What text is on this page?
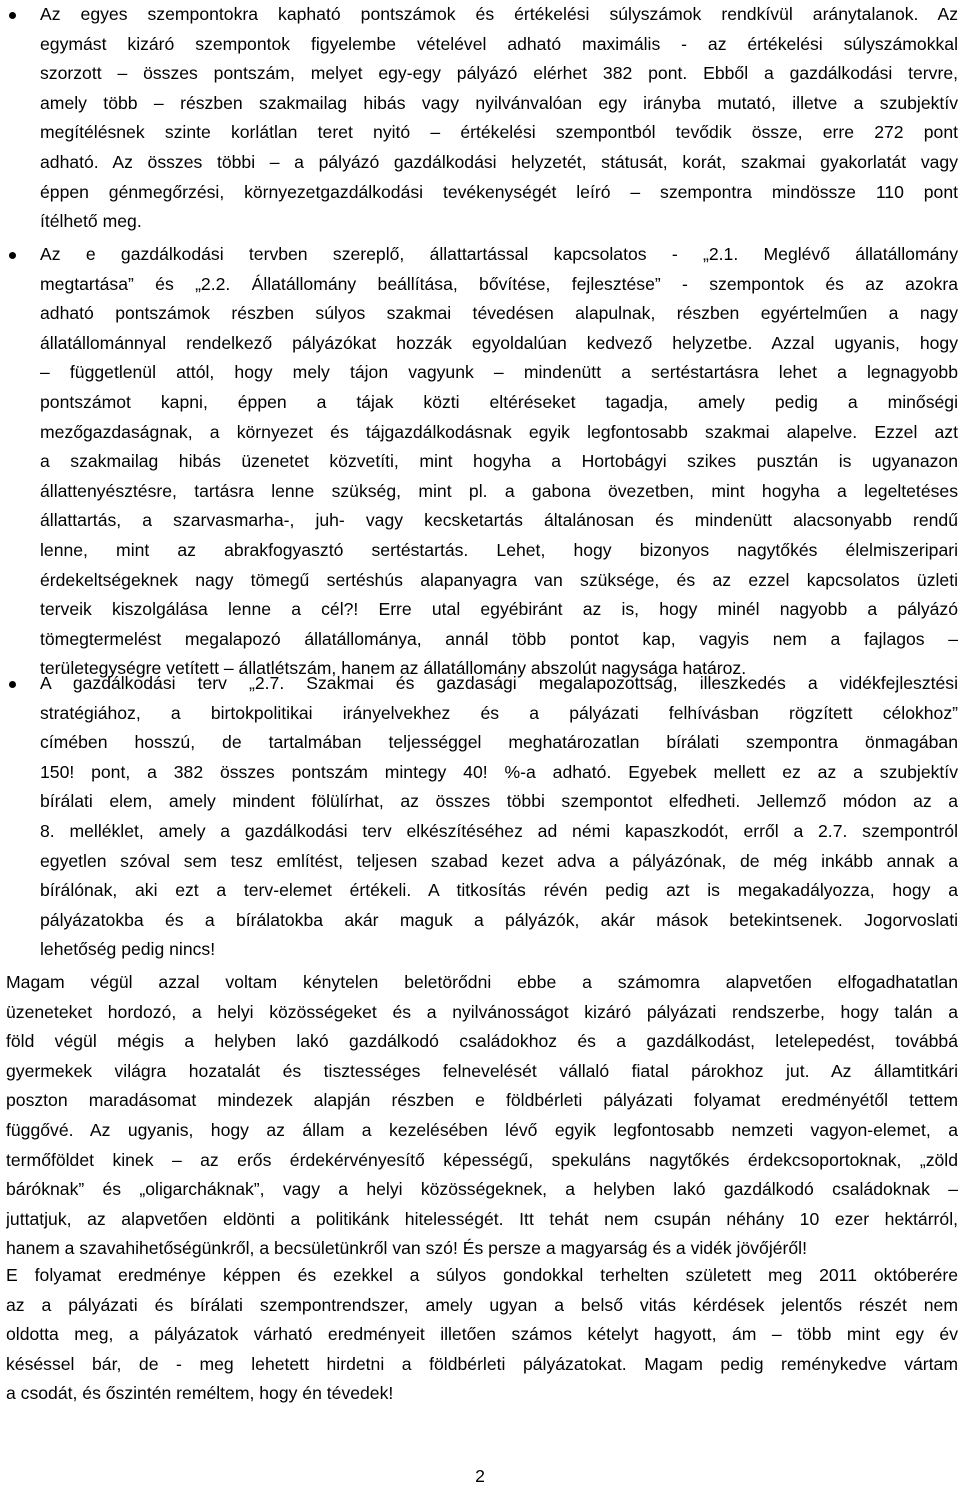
Az egyes szempontokra kapható pontszámok és értékelési súlyszámok rendkívül aránytalanok. Az
egymást kizáró szempontok figyelembe vételével adható maximális - az értékelési súlyszámokkal
szorzott – összes pontszám, melyet egy-egy pályázó elérhet 382 pont. Ebből a gazdálkodási tervre,
amely több – részben szakmailag hibás vagy nyilvánvalóan egy irányba mutató, illetve a szubjektív
megítélésnek szinte korlátlan teret nyitó – értékelési szempontból tevődik össze, erre 272 pont
adható. Az összes többi – a pályázó gazdálkodási helyzetét, státusát, korát, szakmai gyakorlatát vagy
éppen génmegőrzési, környezetgazdálkodási tevékenységét leíró – szempontra mindössze 110 pont
ítélhető meg.
Az e gazdálkodási tervben szereplő, állattartással kapcsolatos - „2.1. Meglévő állatállomány
megtartása” és „2.2. Állatállomány beállítása, bővítése, fejlesztése” - szempontok és az azokra
adható pontszámok részben súlyos szakmai tévedésen alapulnak, részben egyértelműen a nagy
állatállománnyal rendelkező pályázókat hozzák egyoldalúan kedvező helyzetbe. Azzal ugyanis, hogy
– függetlenül attól, hogy mely tájon vagyunk – mindenütt a sertéstartásra lehet a legnagyobb
pontszámot kapni, éppen a tájak közti eltéréseket tagadja, amely pedig a minőségi
mezőgazdaságnak, a környezet és tájgazdálkodásnak egyik legfontosabb szakmai alapelve. Ezzel azt
a szakmailag hibás üzenetet közvetíti, mint hogyha a Hortobágyi szikes pusztán is ugyanazon
állattenyésztésre, tartásra lenne szükség, mint pl. a gabona övezetben, mint hogyha a legeltetéses
állattartás, a szarvasmarha-, juh- vagy kecsketartás általánosan és mindenütt alacsonyabb rendű
lenne, mint az abrakfogyasztó sertéstartás. Lehet, hogy bizonyos nagytőkés élelmiszeripari
érdekeltségeknek nagy tömegű sertéshús alapanyagra van szüksége, és az ezzel kapcsolatos üzleti
terveik kiszolgálása lenne a cél?! Erre utal egyébiránt az is, hogy minél nagyobb a pályázó
tömegtermelést megalapozó állatállománya, annál több pontot kap, vagyis nem a fajlagos –
területegységre vetített – állatlétszám, hanem az állatállomány abszolút nagysága határoz.
A gazdálkodási terv „2.7. Szakmai és gazdasági megalapozottság, illeszkedés a vidékfejlesztési
stratégiához, a birtokpolitikai irányelvekhez és a pályázati felhívásban rögzített célokhoz”
címében hosszú, de tartalmában teljességgel meghatározatlan bírálati szempontra önmagában
150! pont, a 382 összes pontszám mintegy 40! %-a adható. Egyebek mellett ez az a szubjektív
bírálati elem, amely mindent fölülírhat, az összes többi szempontot elfedheti. Jellemző módon az a
8. melléklet, amely a gazdálkodási terv elkészítéséhez ad némi kapaszkodót, erről a 2.7. szempontról
egyetlen szóval sem tesz említést, teljesen szabad kezet adva a pályázónak, de még inkább annak a
bírálónak, aki ezt a terv-elemet értékeli. A titkosítás révén pedig azt is megakadályozza, hogy a
pályázatokba és a bírálatokba akár maguk a pályázók, akár mások betekintsenek. Jogorvoslati
lehetőség pedig nincs!
Magam végül azzal voltam kénytelen beletörődni ebbe a számomra alapvetően elfogadhatatlan
üzeneteket hordozó, a helyi közösségeket és a nyilvánosságot kizáró pályázati rendszerbe, hogy talán a
föld végül mégis a helyben lakó gazdálkodó családokhoz és a gazdálkodást, letelepedést, továbbá
gyermekek világra hozatalát és tisztességes felnevelését vállaló fiatal párokhoz jut. Az államtitkári
poszton maradásomat mindezek alapján részben e földbérleti pályázati folyamat eredményétől tettem
függővé. Az ugyanis, hogy az állam a kezelésében lévő egyik legfontosabb nemzeti vagyon-elemet, a
termőföldet kinek – az erős érdekérvényesítő képességű, spekuláns nagytőkés érdekcsoportoknak, „zöld
báróknak” és „oligarcháknak”, vagy a helyi közösségeknek, a helyben lakó gazdálkodó családoknak –
juttatjuk, az alapvetően eldönti a politikánk hitelességét. Itt tehát nem csupán néhány 10 ezer hektárról,
hanem a szavahihetőségünkről, a becsületünkről van szó! És persze a magyarság és a vidék jövőjéről!
E folyamat eredménye képpen és ezekkel a súlyos gondokkal terhelten született meg 2011 októberére
az a pályázati és bírálati szempontrendszer, amely ugyan a belső vitás kérdések jelentős részét nem
oldotta meg, a pályázatok várható eredményeit illetően számos kételyt hagyott, ám – több mint egy év
késéssel bár, de - meg lehetett hirdetni a földbérleti pályázatokat. Magam pedig reménykedve vártam
a csodát, és őszintén reméltem, hogy én tévedek!
2
